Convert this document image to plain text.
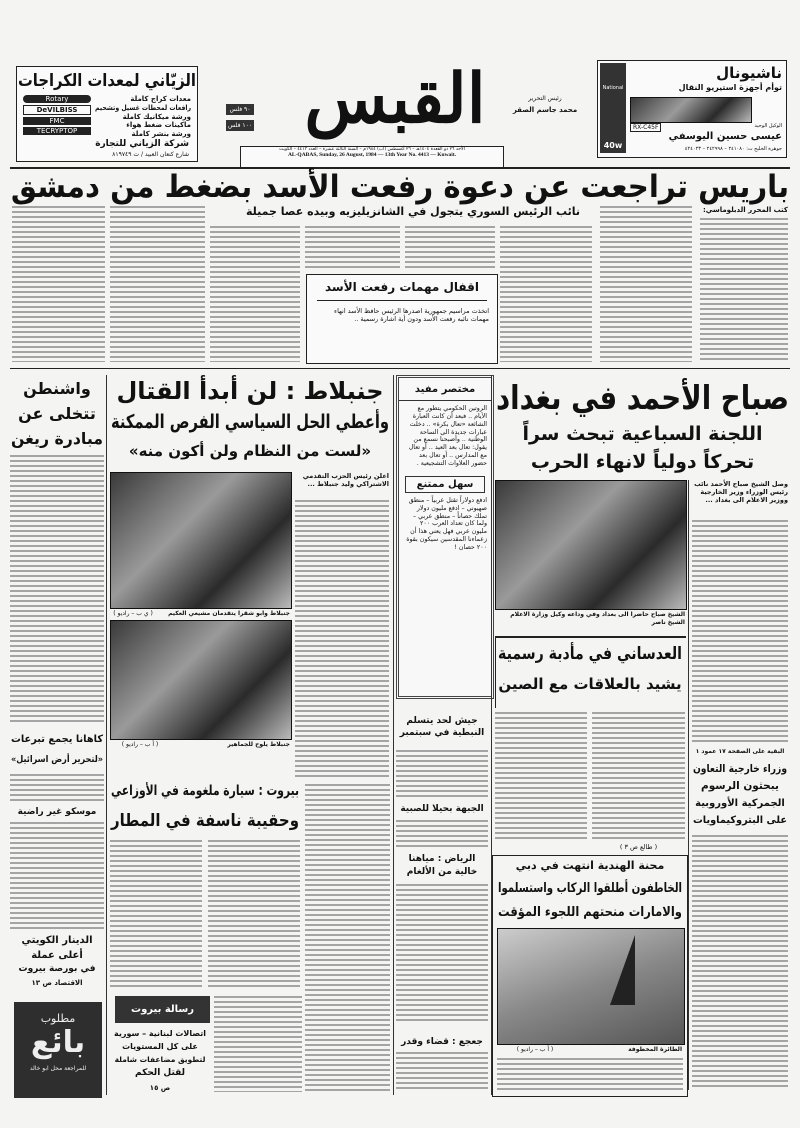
الزيّاني لمعدات الكراجات
Rotary
DeVILBISS
FMC
TECRYPTOP
معدات كراج كاملة
رافعات لمحطات غسيل وتشحيم
ورشة ميكانيك كاملة
ماكينات ضغط هواء
ورشة بنشر كاملة
شركة الزياني للتجارة
شارع كنعان العبيد / ت ٨١٩٧٤٩
٩٠ فلس
١٠٠ فلس القبس	رئيس التحرير
محمد جاسم الصقر
الأحد ٢٦ ذو القعدة ١٤٠٤هـ – ٢٦ أغسطس (آب) ١٩٨٤م – السنة الثالثة عشرة – العدد ٤٤١٣ – الكويت
AL-QABAS, Sunday, 26 August, 1984 — 13th Year No. 4413 — Kuwait.
National
ناشيونال
توأم أجهزة استيريو النقال
RX-C45F
40w
الوكيل الوحيد
عيسى حسين اليوسفي
جوهرة الخليج ت: ٢٤١٠٨٠ – ٢٤٢٩٩٨ – ٤٢٤٠٢٣
باريس تراجعت عن دعوة رفعت الأسد بضغط من دمشق
كتب المحرر الدبلوماسي:
نائب الرئيس السوري يتجول في الشانزيليزيه وبيده عصا جميلة
اقفال مهمات رفعت الأسد
اتخذت مراسيم جمهورية اصدرها الرئيس حافظ الأسد انهاء مهمات نائبه رفعت الأسد ودون أية اشارة رسمية ..
صباح الأحمد في بغداد
اللجنة السباعية تبحث سراً
تحركاً دولياً لانهاء الحرب
وصل الشيخ صباح الأحمد نائب رئيس الوزراء وزير الخارجية ووزير الاعلام الى بغداد ...
الشيخ صباح حاضرا الى بغداد وفي وداعه وكيل وزارة الاعلام الشيخ ناصر
العدساني في مأدبة رسمية
يشيد بالعلاقات مع الصين
( طالع ص ٣ )
البقية على الصفحة ١٧ عمود ١
وزراء خارجية التعاون
يبحثون الرسوم
الجمركية الأوروبية
على البتروكيماويات
محنة الهندية انتهت في دبي
الخاطفون أطلقوا الركاب واستسلموا
والامارات منحتهم اللجوء المؤقت
الطائرة المخطوفة
( أ ب – راديو )
مختصر مفيد
الروتين الحكومي يتطور مع الأيام .. فبعد أن كانت العبارة الشائعة «تعال بكرة» .. دخلت عبارات جديدة الى الساحة الوطنية .. وأصبحنا نسمع من يقول: تعال بعد العيد .. أو تعال مع المدارس .. أو تعال بعد حضور العلاوات التشجيعية .
سهل ممتنع
ادفع دولاراً تقتل عربياً – منطق صهيوني – ادفع مليون دولار تملك حصاناً – منطق عربي – ولما كان تعداد العرب ٢٠٠ مليون عربي فهل يعني هذا أن زعماءنا المقدسين سيكون بقوة ٢٠٠ حصان !
جيش لحد يتسلم النبطية في سبتمبر
الجبهة بحيلا للصبية
الرياض : مياهنا
خالية من الألغام
جعجع : قضاء وقدر
جنبلاط : لن أبدأ القتال
وأعطي الحل السياسي الفرص الممكنة
«لست من النظام ولن أكون منه»
جنبلاط وابو شقرا يتقدمان مشيعي العكيم
( ي ب – راديو )
جنبلاط يلوح للجماهير
( أ ب – راديو )
اعلن رئيس الحزب التقدمي الاشتراكي وليد جنبلاط ...
بيروت : سيارة ملغومة في الأوزاعي
وحقيبة ناسفة في المطار
رسالة بيروت
اتصالات لبنانية – سورية
على كل المستويات
لتطويق مضاعفات شاملة
لقتل الحكم
ص ١٥
واشنطن
تتخلى عن
مبادرة ريغن
كاهانا يجمع تبرعات
«لتحرير أرض اسرائيل»
موسكو غير راضية
الدينار الكويتي
أعلى عملة
في بورصة بيروت
الاقتصاد ص ١٣
مطلوب
بائع
للمراجعة محل ابو خالد
